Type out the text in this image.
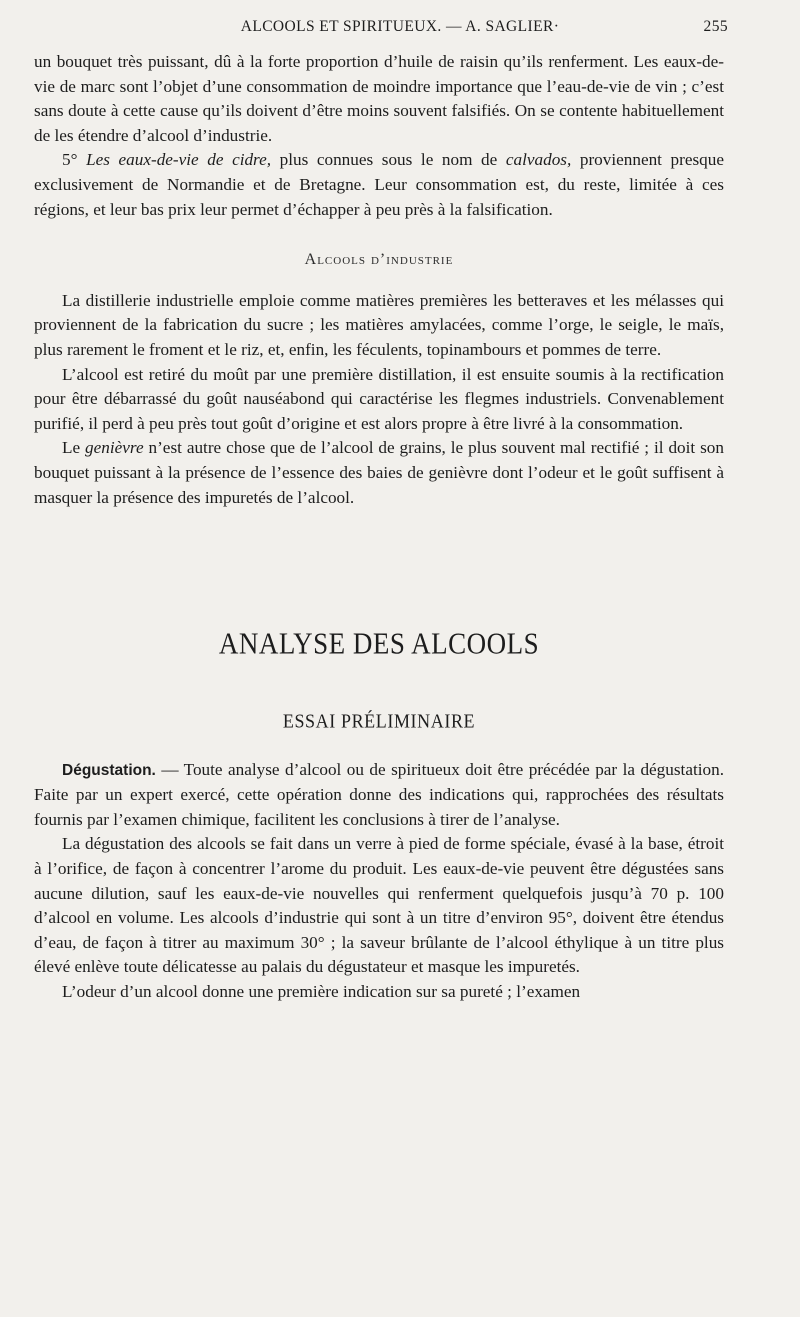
ALCOOLS ET SPIRITUEUX. — A. SAGLIER·	255

un bouquet très puissant, dû à la forte proportion d’huile de raisin qu’ils renferment. Les eaux-de-vie de marc sont l’objet d’une consommation de moindre importance que l’eau-de-vie de vin ; c’est sans doute à cette cause qu’ils doivent d’être moins souvent falsifiés. On se contente habituellement de les étendre d’alcool d’industrie.

5° Les eaux-de-vie de cidre, plus connues sous le nom de calvados, proviennent presque exclusivement de Normandie et de Bretagne. Leur consommation est, du reste, limitée à ces régions, et leur bas prix leur permet d’échapper à peu près à la falsification.

Alcools d’industrie

La distillerie industrielle emploie comme matières premières les betteraves et les mélasses qui proviennent de la fabrication du sucre ; les matières amylacées, comme l’orge, le seigle, le maïs, plus rarement le froment et le riz, et, enfin, les féculents, topinambours et pommes de terre.

L’alcool est retiré du moût par une première distillation, il est ensuite soumis à la rectification pour être débarrassé du goût nauséabond qui caractérise les flegmes industriels. Convenablement purifié, il perd à peu près tout goût d’origine et est alors propre à être livré à la consommation.

Le genièvre n’est autre chose que de l’alcool de grains, le plus souvent mal rectifié ; il doit son bouquet puissant à la présence de l’essence des baies de genièvre dont l’odeur et le goût suffisent à masquer la présence des impuretés de l’alcool.

ANALYSE DES ALCOOLS
ESSAI PRÉLIMINAIRE

Dégustation. — Toute analyse d’alcool ou de spiritueux doit être précédée par la dégustation. Faite par un expert exercé, cette opération donne des indications qui, rapprochées des résultats fournis par l’examen chimique, facilitent les conclusions à tirer de l’analyse.

La dégustation des alcools se fait dans un verre à pied de forme spéciale, évasé à la base, étroit à l’orifice, de façon à concentrer l’arome du produit. Les eaux-de-vie peuvent être dégustées sans aucune dilution, sauf les eaux-de-vie nouvelles qui renferment quelquefois jusqu’à 70 p. 100 d’alcool en volume. Les alcools d’industrie qui sont à un titre d’environ 95°, doivent être étendus d’eau, de façon à titrer au maximum 30° ; la saveur brûlante de l’alcool éthylique à un titre plus élevé enlève toute délicatesse au palais du dégustateur et masque les impuretés.

L’odeur d’un alcool donne une première indication sur sa pureté ; l’examen
